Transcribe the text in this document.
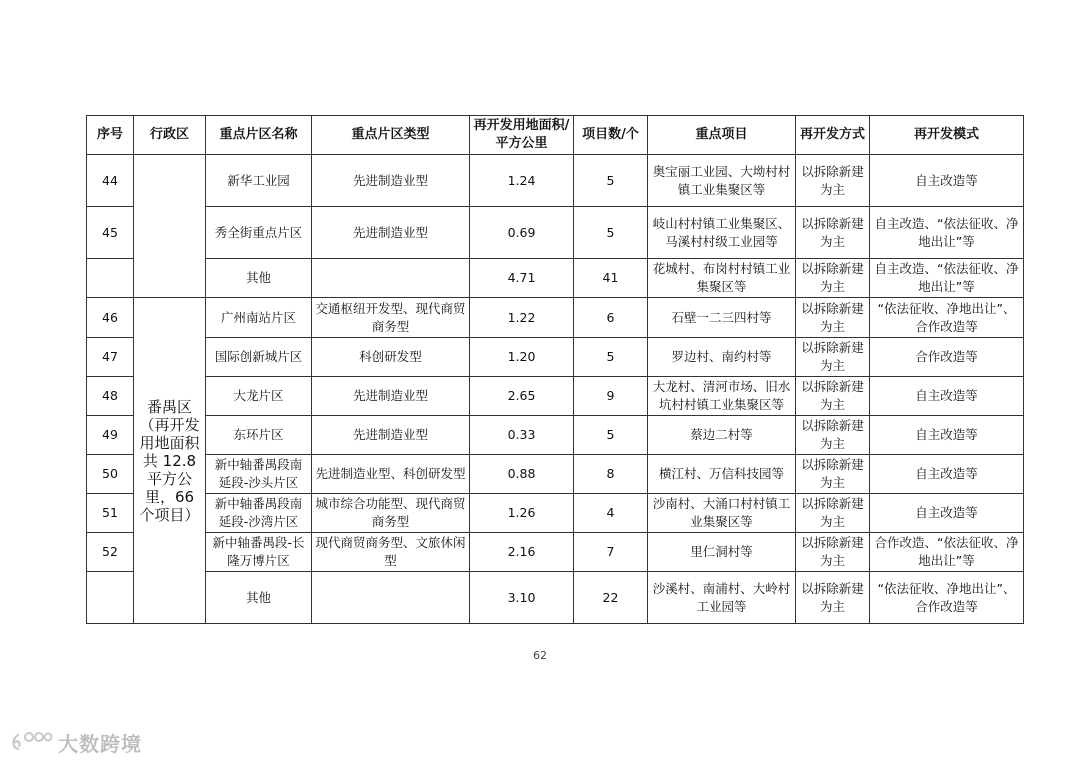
序号	行政区	重点片区名称	重点片区类型	再开发用地面积/平方公里	项目数/个	重点项目	再开发方式	再开发模式
44		新华工业园	先进制造业型	1.24	5	奥宝丽工业园、大坳村村镇工业集聚区等	以拆除新建为主	自主改造等
45		秀全街重点片区	先进制造业型	0.69	5	岐山村村镇工业集聚区、马溪村村级工业园等	以拆除新建为主	自主改造、“依法征收、净地出让”等
		其他		4.71	41	花城村、布岗村村镇工业集聚区等	以拆除新建为主	自主改造、“依法征收、净地出让”等
46	番禺区（再开发用地面积共 12.8 平方公里，66 个项目）	广州南站片区	交通枢纽开发型、现代商贸商务型	1.22	6	石壁一二三四村等	以拆除新建为主	“依法征收、净地出让”、合作改造等
47		国际创新城片区	科创研发型	1.20	5	罗边村、南约村等	以拆除新建为主	合作改造等
48		大龙片区	先进制造业型	2.65	9	大龙村、清河市场、旧水坑村村镇工业集聚区等	以拆除新建为主	自主改造等
49		东环片区	先进制造业型	0.33	5	蔡边二村等	以拆除新建为主	自主改造等
50		新中轴番禺段南延段-沙头片区	先进制造业型、科创研发型	0.88	8	横江村、万信科技园等	以拆除新建为主	自主改造等
51		新中轴番禺段南延段-沙湾片区	城市综合功能型、现代商贸商务型	1.26	4	沙南村、大涌口村村镇工业集聚区等	以拆除新建为主	自主改造等
52		新中轴番禺段-长隆万博片区	现代商贸商务型、文旅休闲型	2.16	7	里仁洞村等	以拆除新建为主	合作改造、“依法征收、净地出让”等
		其他		3.10	22	沙溪村、南浦村、大岭村工业园等	以拆除新建为主	“依法征收、净地出让”、合作改造等
62
大数跨境
